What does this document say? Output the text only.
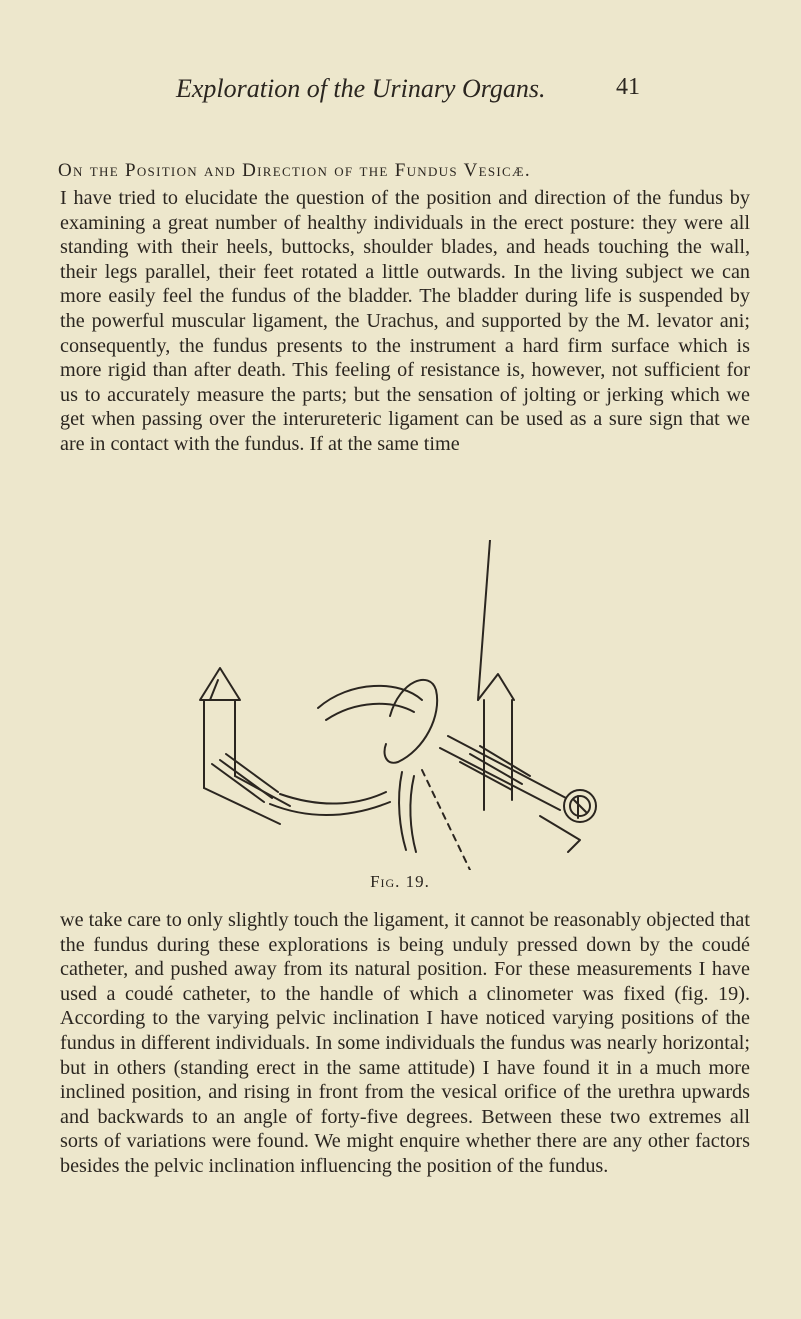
Exploration of the Urinary Organs.	41
On the Position and Direction of the Fundus Vesicæ.

I have tried to elucidate the question of the position and direction of the fundus by examining a great number of healthy individuals in the erect posture: they were all standing with their heels, buttocks, shoulder blades, and heads touching the wall, their legs parallel, their feet rotated a little outwards. In the living subject we can more easily feel the fundus of the bladder. The bladder during life is suspended by the powerful muscular ligament, the Urachus, and supported by the M. levator ani; consequently, the fundus presents to the instrument a hard firm surface which is more rigid than after death. This feeling of resistance is, however, not sufficient for us to accurately measure the parts; but the sensation of jolting or jerking which we get when passing over the interureteric ligament can be used as a sure sign that we are in contact with the fundus. If at the same time

Fig. 19.

we take care to only slightly touch the ligament, it cannot be reasonably objected that the fundus during these explorations is being unduly pressed down by the coudé catheter, and pushed away from its natural position. For these measurements I have used a coudé catheter, to the handle of which a clinometer was fixed (fig. 19). According to the varying pelvic inclination I have noticed varying positions of the fundus in different individuals. In some individuals the fundus was nearly horizontal; but in others (standing erect in the same attitude) I have found it in a much more inclined position, and rising in front from the vesical orifice of the urethra upwards and backwards to an angle of forty-five degrees. Between these two extremes all sorts of variations were found. We might enquire whether there are any other factors besides the pelvic inclination influencing the position of the fundus.
